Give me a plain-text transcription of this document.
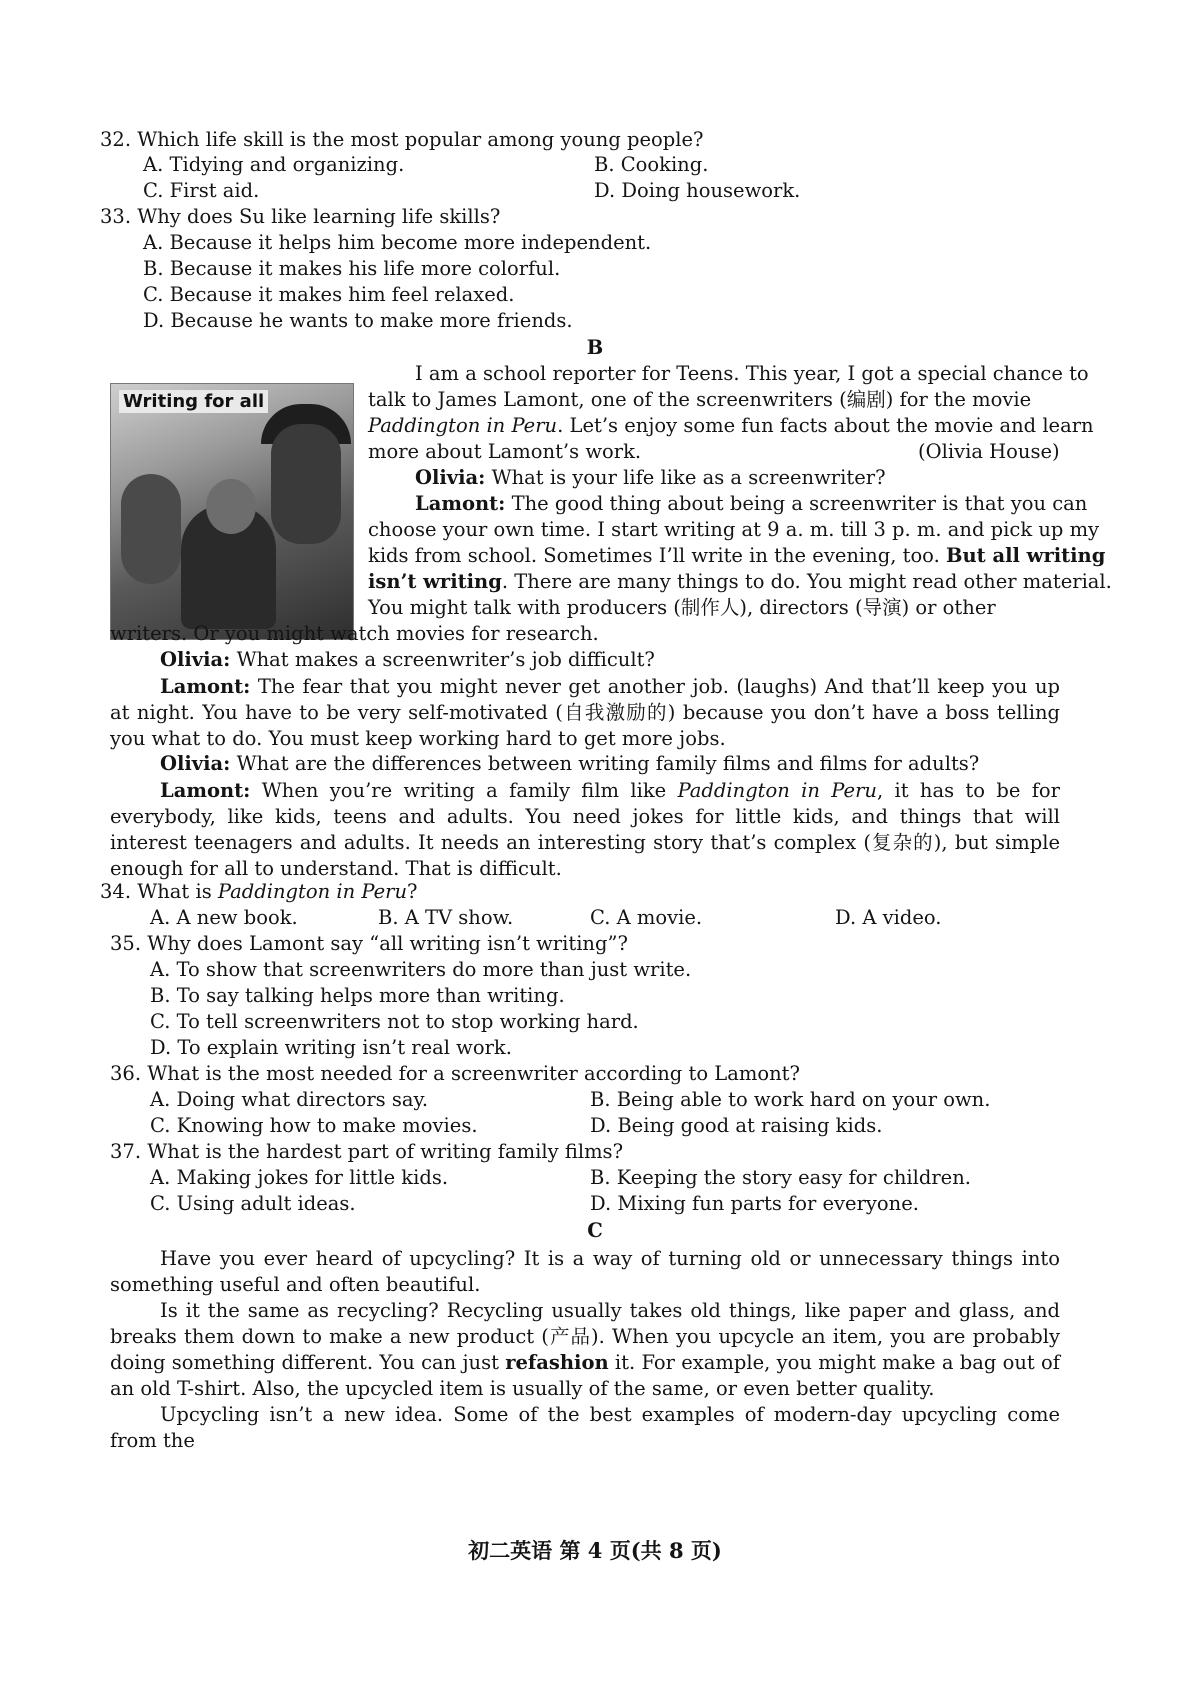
32. Which life skill is the most popular among young people?
A. Tidying and organizing.	B. Cooking.
C. First aid.	D. Doing housework.
33. Why does Su like learning life skills?
A. Because it helps him become more independent.
B. Because it makes his life more colorful.
C. Because it makes him feel relaxed.
D. Because he wants to make more friends.
B
Writing for all
I am a school reporter for Teens. This year, I got a special chance to
talk to James Lamont, one of the screenwriters (编剧) for the movie
Paddington in Peru. Let’s enjoy some fun facts about the movie and learn
more about Lamont’s work.	(Olivia House)
Olivia: What is your life like as a screenwriter?
Lamont: The good thing about being a screenwriter is that you can
choose your own time. I start writing at 9 a. m. till 3 p. m. and pick up my
kids from school. Sometimes I’ll write in the evening, too. But all writing
isn’t writing. There are many things to do. You might read other material.
You might talk with producers (制作人), directors (导演) or other
writers. Or you might watch movies for research.
Olivia: What makes a screenwriter’s job difficult?
Lamont: The fear that you might never get another job. (laughs) And that’ll keep you up at night. You have to be very self-motivated (自我激励的) because you don’t have a boss telling you what to do. You must keep working hard to get more jobs.
Olivia: What are the differences between writing family films and films for adults?
Lamont: When you’re writing a family film like Paddington in Peru, it has to be for everybody, like kids, teens and adults. You need jokes for little kids, and things that will interest teenagers and adults. It needs an interesting story that’s complex (复杂的), but simple enough for all to understand. That is difficult.
34. What is Paddington in Peru?
A. A new book.	B. A TV show.	C. A movie.	D. A video.
35. Why does Lamont say “all writing isn’t writing”?
A. To show that screenwriters do more than just write.
B. To say talking helps more than writing.
C. To tell screenwriters not to stop working hard.
D. To explain writing isn’t real work.
36. What is the most needed for a screenwriter according to Lamont?
A. Doing what directors say.	B. Being able to work hard on your own.
C. Knowing how to make movies.	D. Being good at raising kids.
37. What is the hardest part of writing family films?
A. Making jokes for little kids.	B. Keeping the story easy for children.
C. Using adult ideas.	D. Mixing fun parts for everyone.
C
Have you ever heard of upcycling? It is a way of turning old or unnecessary things into something useful and often beautiful.
Is it the same as recycling? Recycling usually takes old things, like paper and glass, and breaks them down to make a new product (产品). When you upcycle an item, you are probably doing something different. You can just refashion it. For example, you might make a bag out of an old T-shirt. Also, the upcycled item is usually of the same, or even better quality.
Upcycling isn’t a new idea. Some of the best examples of modern-day upcycling come from the
初二英语 第 4 页(共 8 页)
